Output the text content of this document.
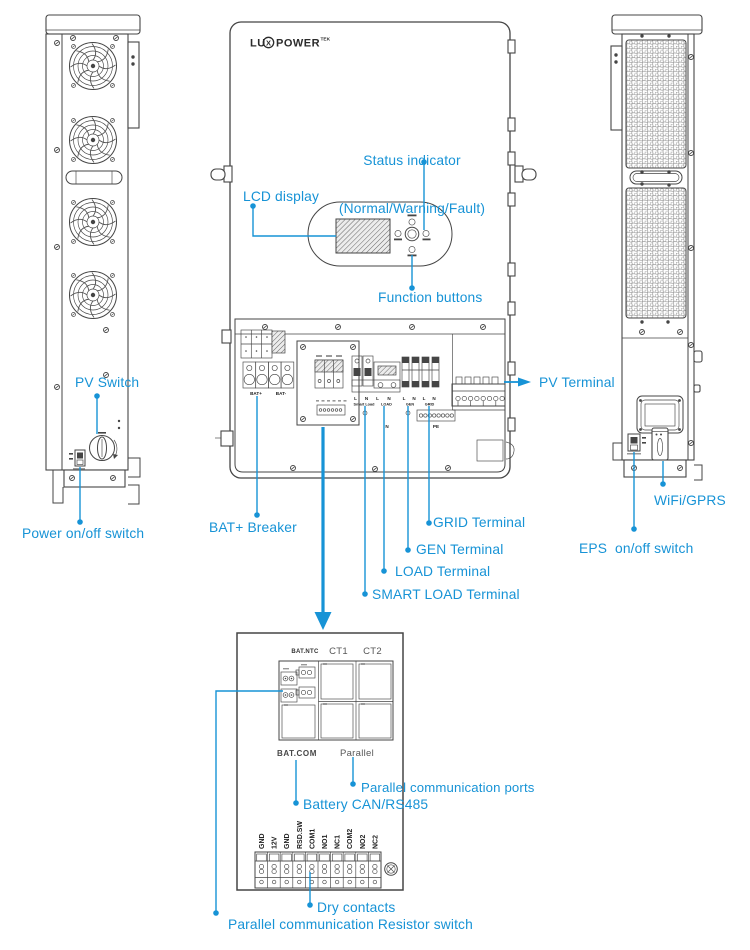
LU X POWER TEK
BAT+	BAT-
L N L N	L N L N
Smart Load LOAD	GEN	GRID
N	PE
BAT.NTC CT1 CT2
BAT.COM Parallel
GND 12V GND RSD.SW COM1 NO1 NC1 COM2 NO2 NC2

Status indicator

(Normal/Warning/Fault)

LCD display
Function buttons
PV Switch	PV Terminal
Power on/off switch	BAT+ Breaker	GRID Terminal
GEN Terminal
LOAD Terminal
SMART LOAD Terminal
WiFi/GPRS
EPS  on/off switch
Parallel communication ports
Battery CAN/RS485
Dry contacts
Parallel communication Resistor switch
